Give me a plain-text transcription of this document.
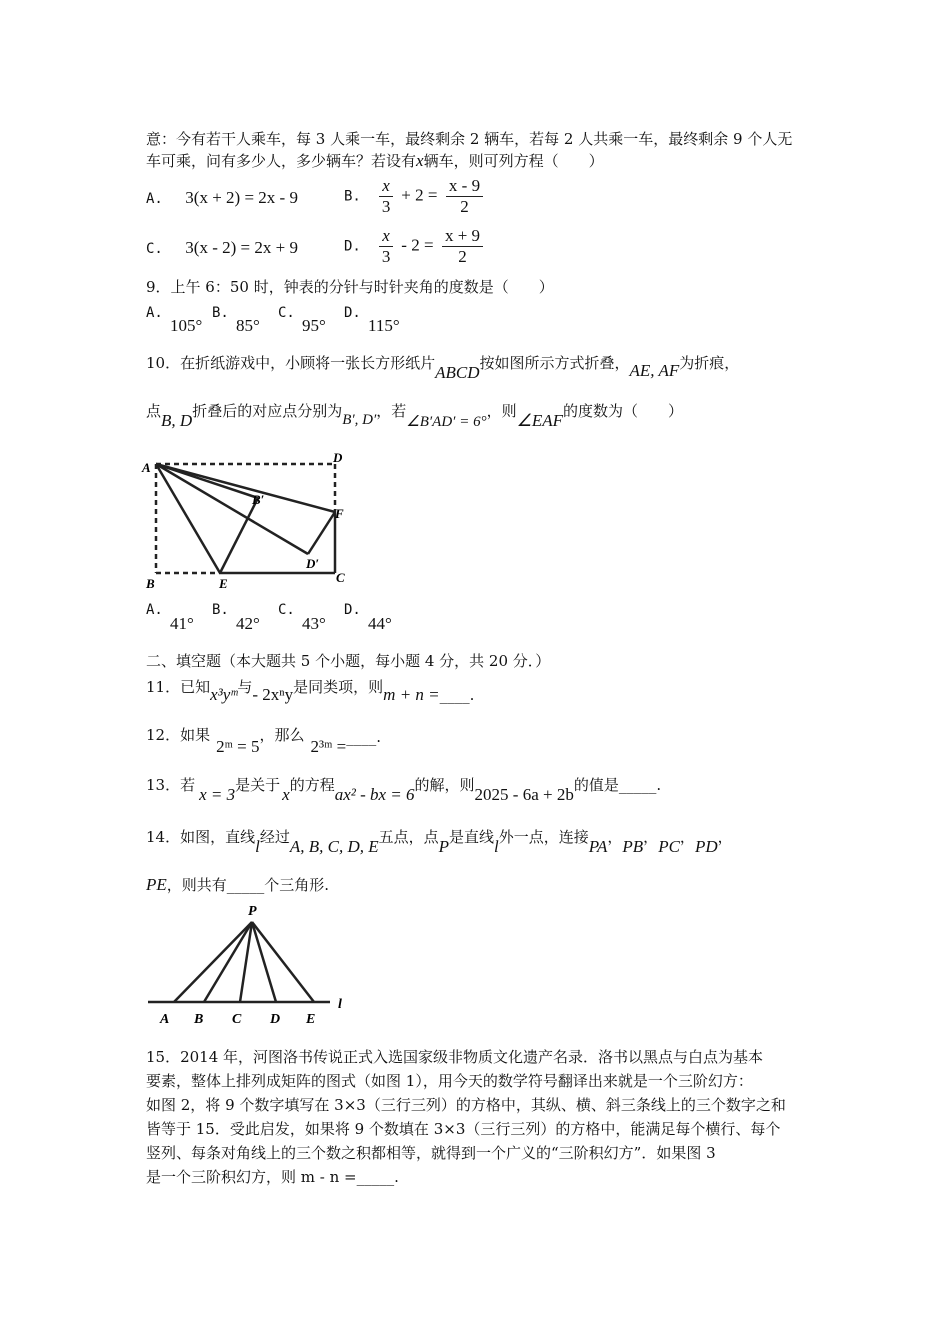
意：今有若干人乘车，每 3 人乘一车，最终剩余 2 辆车，若每 2 人共乘一车，最终剩余 9 个人无
车可乘，问有多少人，多少辆车？若设有x辆车，则可列方程（　　）
A. 3(x + 2) = 2x - 9	B. $\frac{x}{3} + 2 = \frac{x - 9}{2}$
C. 3(x - 2) = 2x + 9	D. $\frac{x}{3} - 2 = \frac{x + 9}{2}$
9．上午 6：50 时，钟表的分针与时针夹角的度数是（　　）
A.
105°
B.
85°
C.
95°
D.
115°
10．在折纸游戏中，小顾将一张长方形纸片ABCD按如图所示方式折叠，AE, AF为折痕，
点B, D折叠后的对应点分别为B′, D′，若∠B′AD′ = 6°，则∠EAF的度数为（　　）
A
D
B	E	C
F
B′
D′
A.
41°
B.
42°
C.
43°
D.
44°
二、填空题（本大题共 5 个小题，每小题 4 分，共 20 分．）
11．已知x³yᵐ与- 2xⁿy是同类项，则m + n =____.
12．如果2ᵐ = 5，那么2³ᵐ =____.
13．若 x = 3是关于 x的方程ax² - bx = 6的解，则2025 - 6a + 2b的值是_____.
14．如图，直线l经过A, B, C, D, E五点，点P是直线l外一点，连接PA，PB，PC，PD，
PE，则共有_____个三角形.
P
A B C D E
l
15．2014 年，河图洛书传说正式入选国家级非物质文化遗产名录．洛书以黑点与白点为基本
要素，整体上排列成矩阵的图式（如图 1），用今天的数学符号翻译出来就是一个三阶幻方：
如图 2，将 9 个数字填写在 3×3（三行三列）的方格中，其纵、横、斜三条线上的三个数字之和
皆等于 15．受此启发，如果将 9 个数填在 3×3（三行三列）的方格中，能满足每个横行、每个
竖列、每条对角线上的三个数之积都相等，就得到一个广义的“三阶积幻方”．如果图 3
是一个三阶积幻方，则 m - n =_____.
